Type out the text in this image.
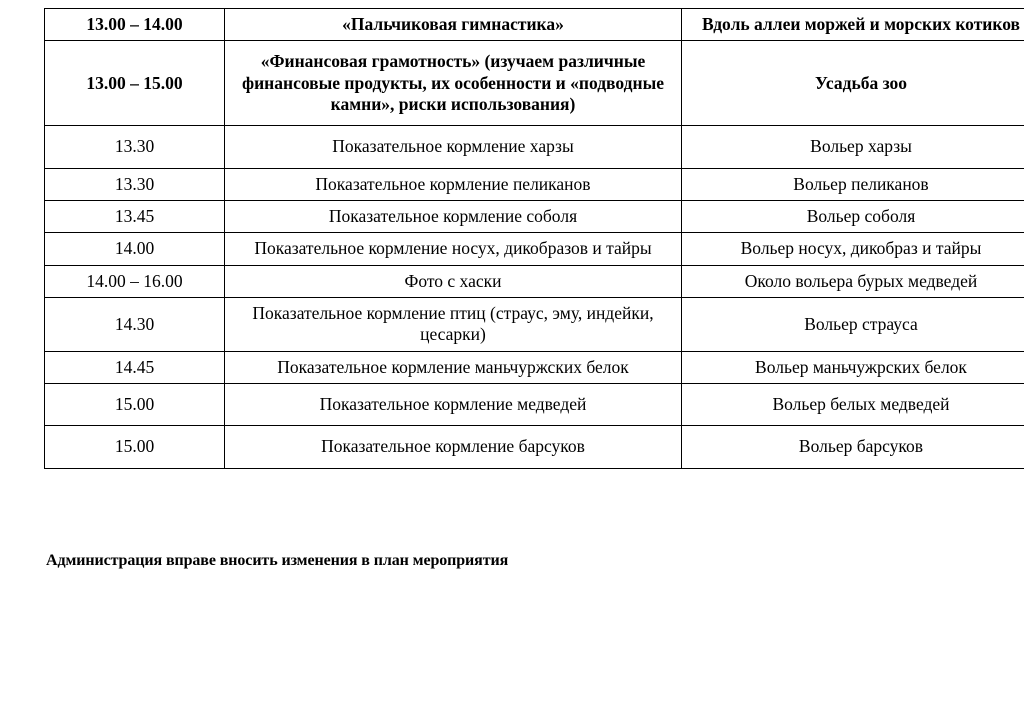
13.00 – 14.00	«Пальчиковая гимнастика»	Вдоль аллеи моржей и морских котиков
13.00 – 15.00	«Финансовая грамотность» (изучаем различные финансовые продукты, их особенности и «подводные камни», риски использования)	Усадьба зоо
13.30	Показательное кормление харзы	Вольер харзы
13.30	Показательное кормление пеликанов	Вольер пеликанов
13.45	Показательное кормление соболя	Вольер соболя
14.00	Показательное кормление носух, дикобразов и тайры	Вольер носух, дикобраз и тайры
14.00 – 16.00	Фото с хаски	Около вольера бурых медведей
14.30	Показательное кормление птиц (страус, эму, индейки, цесарки)	Вольер страуса
14.45	Показательное кормление маньчуржских белок	Вольер маньчужрских белок
15.00	Показательное кормление медведей	Вольер белых медведей
15.00	Показательное кормление барсуков	Вольер барсуков
Администрация вправе вносить изменения в план мероприятия
